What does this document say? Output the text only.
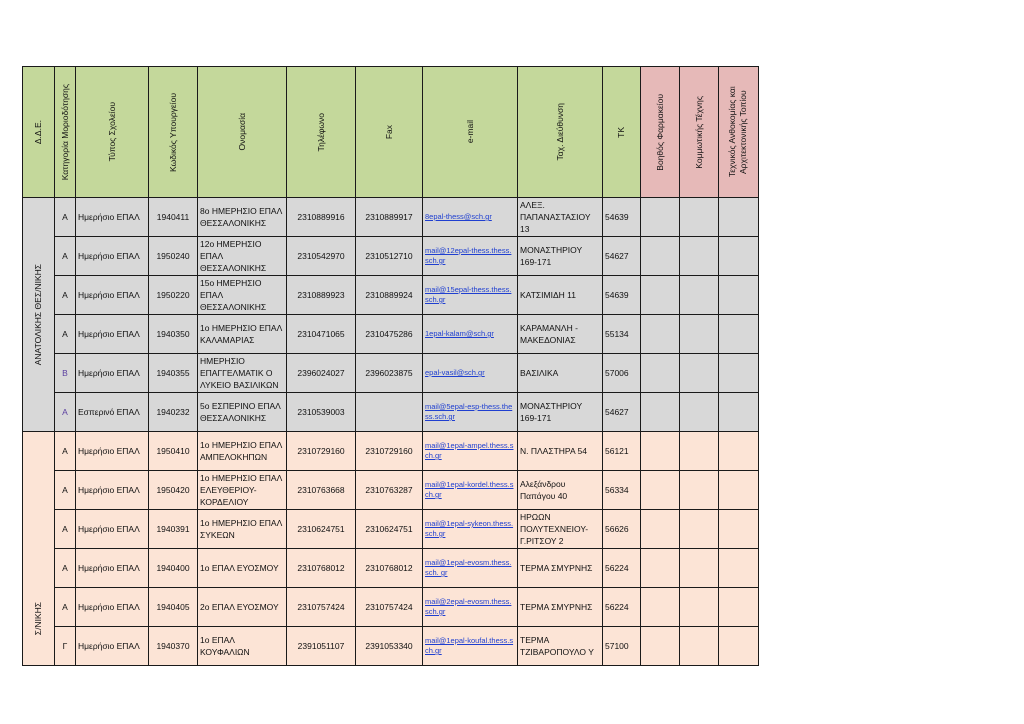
Δ.Δ.Ε.	Κατηγορία Μοριοδότησης	Τύπος Σχολείου	Κωδικός Υπουργείου	Ονομασία	Τηλέφωνο	Fax	e-mail	Ταχ. Διεύθυνση	ΤΚ	Βοηθός Φαρμακείου	Κομμωτικής Τέχνης	Τεχνικός Ανθοκομίας και Αρχιτεκτονικής Τοπίου

ΑΝΑΤΟΛΙΚΗΣ ΘΕΣ/ΝΙΚΗΣ	Α	Ημερήσιο ΕΠΑΛ	1940411	8ο ΗΜΕΡΗΣΙΟ ΕΠΑΛ ΘΕΣΣΑΛΟΝΙΚΗΣ	2310889916	2310889917	8epal-thess@sch.gr	ΑΛΕΞ. ΠΑΠΑΝΑΣΤΑΣΙΟΥ 13	54639			
	Α	Ημερήσιο ΕΠΑΛ	1950240	12ο ΗΜΕΡΗΣΙΟ ΕΠΑΛ ΘΕΣΣΑΛΟΝΙΚΗΣ	2310542970	2310512710	mail@12epal-thess.thess.sch.gr	ΜΟΝΑΣΤΗΡΙΟΥ 169-171	54627			
	Α	Ημερήσιο ΕΠΑΛ	1950220	15ο ΗΜΕΡΗΣΙΟ ΕΠΑΛ ΘΕΣΣΑΛΟΝΙΚΗΣ	2310889923	2310889924	mail@15epal-thess.thess.sch.gr	ΚΑΤΣΙΜΙΔΗ 11	54639			
	Α	Ημερήσιο ΕΠΑΛ	1940350	1ο ΗΜΕΡΗΣΙΟ ΕΠΑΛ ΚΑΛΑΜΑΡΙΑΣ	2310471065	2310475286	1epal-kalam@sch.gr	ΚΑΡΑΜΑΝΛΗ - ΜΑΚΕΔΟΝΙΑΣ	55134			
	Β	Ημερήσιο ΕΠΑΛ	1940355	ΗΜΕΡΗΣΙΟ ΕΠΑΓΓΕΛΜΑΤΙΚ Ο ΛΥΚΕΙΟ ΒΑΣΙΛΙΚΩΝ	2396024027	2396023875	epal-vasil@sch.gr	ΒΑΣΙΛΙΚΑ	57006			
	Α	Εσπερινό ΕΠΑΛ	1940232	5ο ΕΣΠΕΡΙΝΟ ΕΠΑΛ ΘΕΣΣΑΛΟΝΙΚΗΣ	2310539003		mail@5epal-esp-thess.thess.sch.gr	ΜΟΝΑΣΤΗΡΙΟΥ 169-171	54627			

Σ/ΝΙΚΗΣ	Α	Ημερήσιο ΕΠΑΛ	1950410	1ο ΗΜΕΡΗΣΙΟ ΕΠΑΛ ΑΜΠΕΛΟΚΗΠΩΝ	2310729160	2310729160	mail@1epal-ampel.thess.sch.gr	Ν. ΠΛΑΣΤΗΡΑ 54	56121			
	Α	Ημερήσιο ΕΠΑΛ	1950420	1ο ΗΜΕΡΗΣΙΟ ΕΠΑΛ ΕΛΕΥΘΕΡΙΟΥ-ΚΟΡΔΕΛΙΟΥ	2310763668	2310763287	mail@1epal-kordel.thess.sch.gr	Αλεξάνδρου Παπάγου 40	56334			
	Α	Ημερήσιο ΕΠΑΛ	1940391	1ο ΗΜΕΡΗΣΙΟ ΕΠΑΛ ΣΥΚΕΩΝ	2310624751	2310624751	mail@1epal-sykeon.thess.sch.gr	ΗΡΩΩΝ ΠΟΛΥΤΕΧΝΕΙΟΥ-Γ.ΡΙΤΣΟΥ 2	56626			
	Α	Ημερήσιο ΕΠΑΛ	1940400	1ο ΕΠΑΛ ΕΥΟΣΜΟΥ	2310768012	2310768012	mail@1epal-evosm.thess.sch. gr	ΤΕΡΜΑ ΣΜΥΡΝΗΣ	56224			
	Α	Ημερήσιο ΕΠΑΛ	1940405	2ο ΕΠΑΛ ΕΥΟΣΜΟΥ	2310757424	2310757424	mail@2epal-evosm.thess.sch.gr	ΤΕΡΜΑ ΣΜΥΡΝΗΣ	56224			
	Γ	Ημερήσιο ΕΠΑΛ	1940370	1ο ΕΠΑΛ ΚΟΥΦΑΛΙΩΝ	2391051107	2391053340	mail@1epal-koufal.thess.sch.gr	ΤΕΡΜΑ ΤΖΙΒΑΡΟΠΟΥΛΟ Υ	57100			
